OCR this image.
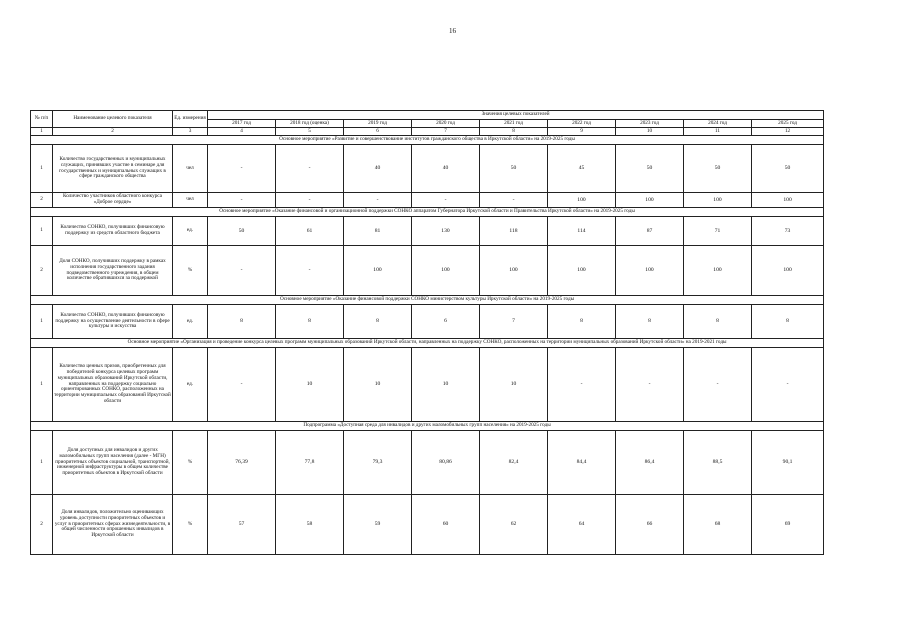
16
№ п/п	Наименование целевого показателя	Ед. измерения	Значения целевых показателей								
			2017 год	2018 год (оценка)	2019 год	2020 год	2021 год	2022 год	2023 год	2024 год	2025 год
1	2	3	4	5	6	7	8	9	10	11	12
Основное мероприятие «Развитие и совершенствование институтов гражданского общества в Иркутской области» на 2019-2025 годы											
1	Количество государственных и муниципальных служащих, принявших участие в семинаре для государственных и муниципальных служащих в сфере гражданского общества	чел	-	-	40	40	50	45	50	50	50
2	Количество участников областного конкурса «Доброе сердце»	чел	-	-	-	-	-	100	100	100	100
Основное мероприятие «Оказание финансовой и организационной поддержки СОНКО аппаратом Губернатора Иркутской области и Правительства Иркутской области» на 2019-2025 годы											
1	Количество СОНКО, получивших финансовую поддержку из средств областного бюджета	ед.	50	61	81	130	118	114	87	71	73
2	Доля СОНКО, получивших поддержку в рамках исполнения государственного задания подведомственного учреждения, в общем количестве обратившихся за поддержкой	%	-	-	100	100	100	100	100	100	100
Основное мероприятие «Оказание финансовой поддержки СОНКО министерством культуры Иркутской области» на 2019-2025 годы											
1	Количество СОНКО, получивших финансовую поддержку на осуществление деятельности в сфере культуры и искусства	ед.	8	8	8	6	7	8	8	8	8
Основное мероприятие «Организация и проведение конкурса целевых программ муниципальных образований Иркутской области, направленных на поддержку СОНКО, расположенных на территории муниципальных образований Иркутской области» на 2019-2021 годы											
1	Количество ценных призов, приобретенных для победителей конкурса целевых программ муниципальных образований Иркутской области, направленных на поддержку социально ориентированных СОНКО, расположенных на территории муниципальных образований Иркутской области	ед.	-	10	10	10	10	-	-	-	-
Подпрограмма «Доступная среда для инвалидов и других маломобильных групп населения» на 2019-2025 годы											
1	Доля доступных для инвалидов и других маломобильных групп населения (далее - МГН) приоритетных объектов социальной, транспортной, инженерной инфраструктуры в общем количестве приоритетных объектов в Иркутской области	%	76,39	77,8	79,3	80,86	82,4	84,4	86,4	88,5	90,1
2	Доля инвалидов, положительно оценивающих уровень доступности приоритетных объектов и услуг в приоритетных сферах жизнедеятельности, в общей численности опрошенных инвалидов в Иркутской области	%	57	58	59	60	62	64	66	68	69
